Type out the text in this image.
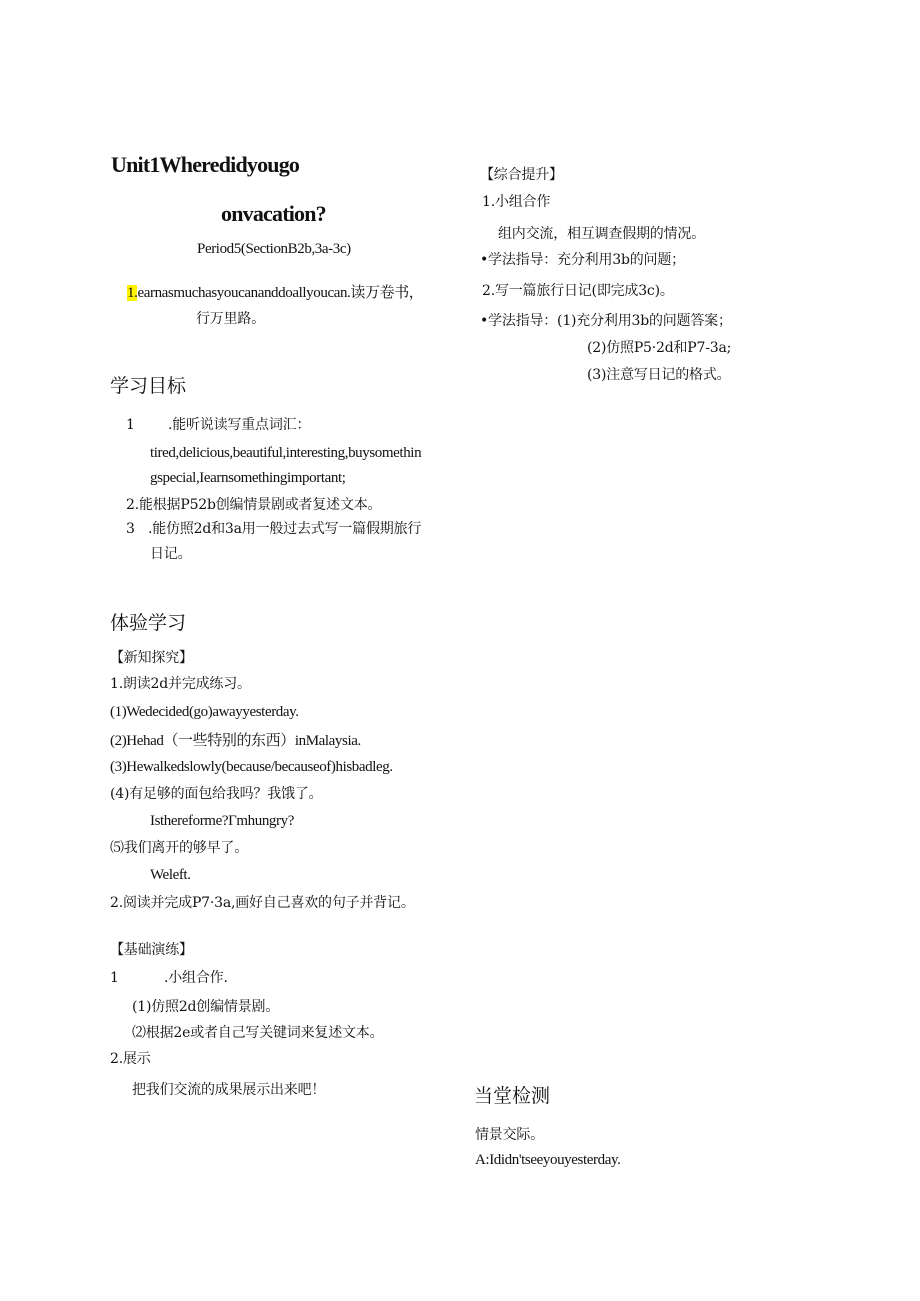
Unit1Wheredidyougo
onvacation?
Period5(SectionB2b,3a-3c)
1.earnasmuchasyoucananddoallyoucan.读万卷书，
行万里路。
学习目标
1 .能听说读写重点词汇：
tired,delicious,beautiful,interesting,buysomethin
gspecial,Iearnsomethingimportant;
2.能根据P52b创编情景剧或者复述文本。
3 .能仿照2d和3a用一般过去式写一篇假期旅行
日记。
体验学习
【新知探究】
1.朗读2d并完成练习。
(1)Wedecided(go)awayyesterday.
(2)Hehad（一些特别的东西）inMalaysia.
(3)Hewalkedslowly(because/becauseof)hisbadleg.
(4)有足够的面包给我吗？我饿了。
Isthereforme?Γmhungry?
⑸我们离开的够早了。
Weleft.
2.阅读并完成P7·3a,画好自己喜欢的句子并背记。
【基础演练】
1	.小组合作.
(1)仿照2d创编情景剧。
⑵根据2e或者自己写关键词来复述文本。
2.展示
把我们交流的成果展示出来吧！
【综合提升】
1.小组合作
组内交流，相互调查假期的情况。
•学法指导：充分利用3b的问题；
2.写一篇旅行日记(即完成3c)。
•学法指导：(1)充分利用3b的问题答案；
(2)仿照P5·2d和P7-3a;
(3)注意写日记的格式。
当堂检测
情景交际。
A:Ididn'tseeyouyesterday.
